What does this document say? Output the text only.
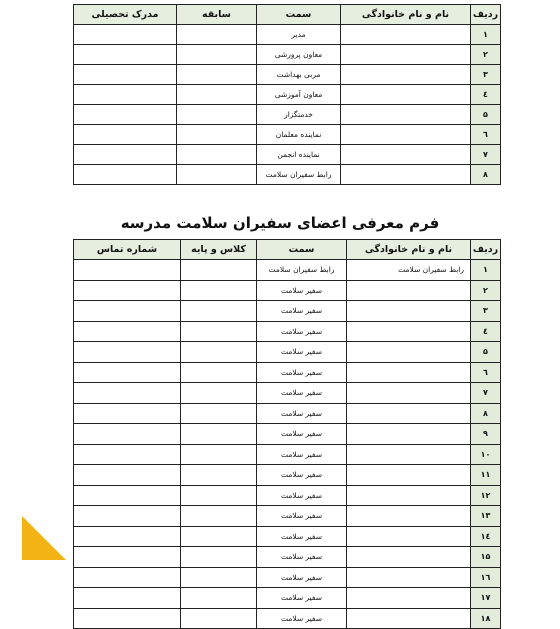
ردیف	نام و نام خانوادگی	سمت	سابقه	مدرک تحصیلی
۱		مدیر		
۲		معاون پرورشی		
۳		مربی بهداشت		
٤		معاون آموزشی		
۵		خدمتگزار		
٦		نماینده معلمان		
۷		نماینده انجمن		
۸		رابط سفیران سلامت		
فرم معرفی اعضای سفیران سلامت مدرسه
ردیف	نام و نام خانوادگی	سمت	کلاس و پایه	شماره تماس
۱	رابط سفیران سلامت	رابط سفیران سلامت		
۲		سفیر سلامت		
۳		سفیر سلامت		
٤		سفیر سلامت		
۵		سفیر سلامت		
٦		سفیر سلامت		
۷		سفیر سلامت		
۸		سفیر سلامت		
۹		سفیر سلامت		
۱۰		سفیر سلامت		
۱۱		سفیر سلامت		
۱۲		سفیر سلامت		
۱۳		سفیر سلامت		
۱٤		سفیر سلامت		
۱۵		سفیر سلامت		
۱٦		سفیر سلامت		
۱۷		سفیر سلامت		
۱۸		سفیر سلامت		
